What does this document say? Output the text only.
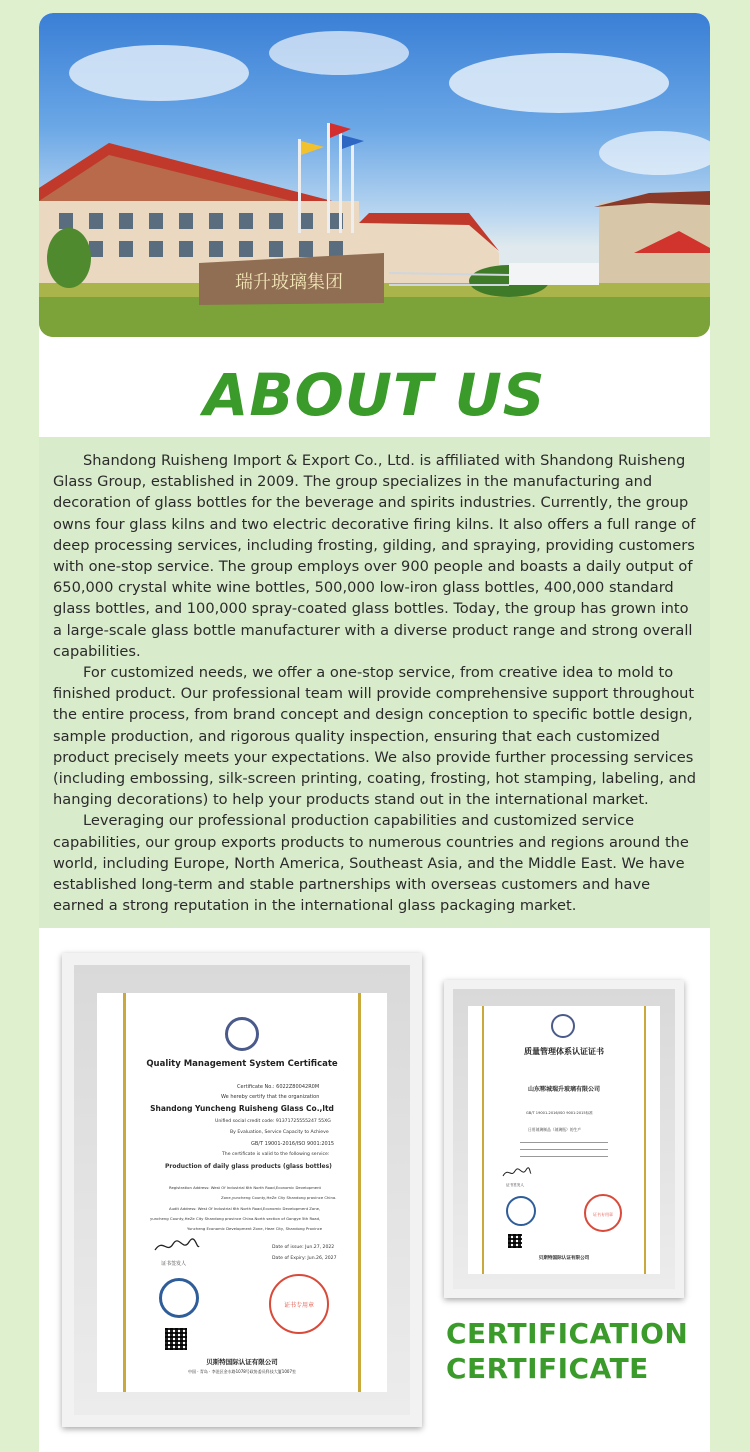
瑞升玻璃集团
ABOUT US

Shandong Ruisheng Import & Export Co., Ltd. is affiliated with Shandong Ruisheng Glass Group, established in 2009. The group specializes in the manufacturing and decoration of glass bottles for the beverage and spirits industries. Currently, the group owns four glass kilns and two electric decorative firing kilns. It also offers a full range of deep processing services, including frosting, gilding, and spraying, providing customers with one-stop service. The group employs over 900 people and boasts a daily output of 650,000 crystal white wine bottles, 500,000 low-iron glass bottles, 400,000 standard glass bottles, and 100,000 spray-coated glass bottles. Today, the group has grown into a large-scale glass bottle manufacturer with a diverse product range and strong overall capabilities.

For customized needs, we offer a one-stop service, from creative idea to mold to finished product. Our professional team will provide comprehensive support throughout the entire process, from brand concept and design conception to specific bottle design, sample production, and rigorous quality inspection, ensuring that each customized product precisely meets your expectations. We also provide further processing services (including embossing, silk-screen printing, coating, frosting, hot stamping, labeling, and hanging decorations) to help your products stand out in the international market.

Leveraging our professional production capabilities and customized service capabilities, our group exports products to numerous countries and regions around the world, including Europe, North America, Southeast Asia, and the Middle East. We have established long-term and stable partnerships with overseas customers and have earned a strong reputation in the international glass packaging market.

Quality Management System Certificate
Certificate No.: 6022Z80042R0M
We hereby certify that the organization
Shandong Yuncheng Ruisheng Glass Co.,ltd
Unified social credit code: 91371725555247 55XG
By Evaluation, Service Capacity to Achieve
GB/T 19001-2016/ISO 9001:2015
The certificate is valid to the following service:
Production of daily glass products (glass bottles)
Registration Address: West Of Industrial 6th North Road,Economic Development
Zone,yuncheng County,HeZe City Shandong province China.
Audit Address: West Of Industrial 6th North Road,Economic Development Zone,
yuncheng County,HeZe City Shandong province China.North section of Gongye 5th Road,
Yuncheng Economic Development Zone, Heze City, Shandong Province
证书签发人
Date of issue: Jun.27, 2022
Date of Expiry: Jun.26, 2027
证书专用章
贝斯特国际认证有限公司
中国 · 青岛 · 李沧区金水路1078号政协委员科技大厦1007室
质量管理体系认证证书
山东郓城瑞升玻璃有限公司
GB/T 19001-2016/ISO 9001:2015标准
日用玻璃制品（玻璃瓶）的生产
证书签发人
证书专用章
贝斯特国际认证有限公司
CERTIFICATION
CERTIFICATE
